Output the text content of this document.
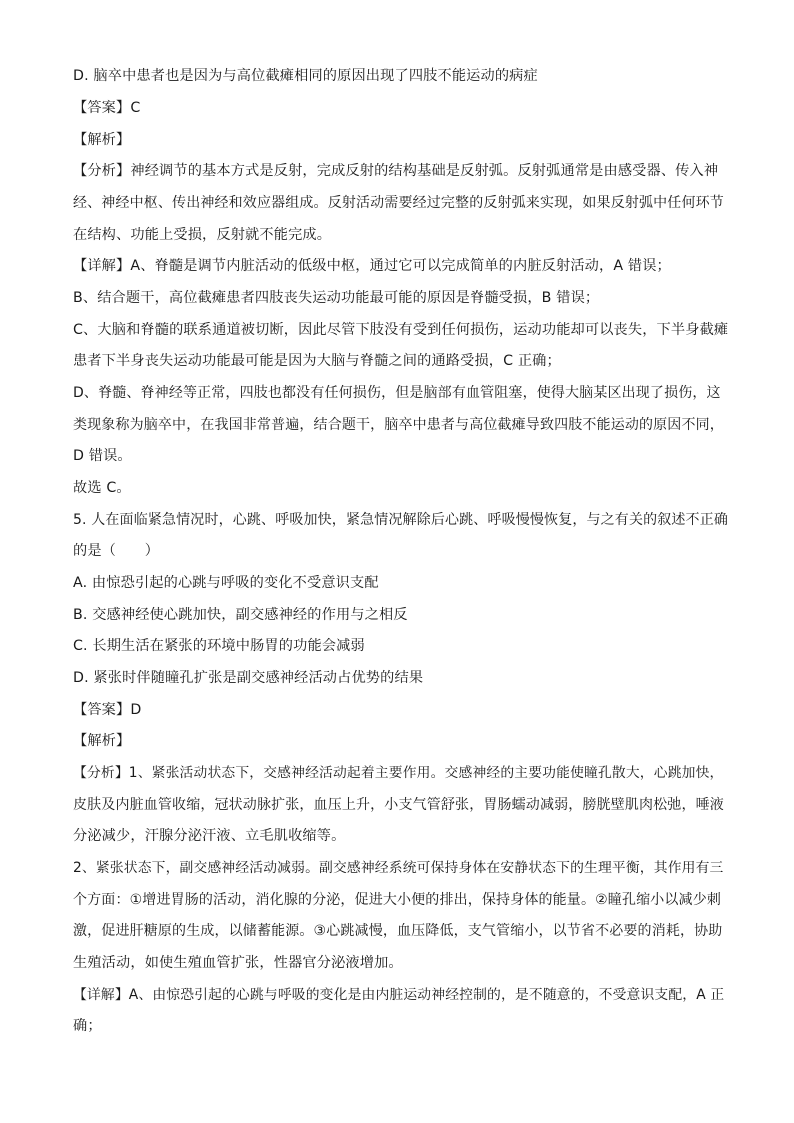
D. 脑卒中患者也是因为与高位截瘫相同的原因出现了四肢不能运动的病症
【答案】C
【解析】
【分析】神经调节的基本方式是反射，完成反射的结构基础是反射弧。反射弧通常是由感受器、传入神
经、神经中枢、传出神经和效应器组成。反射活动需要经过完整的反射弧来实现，如果反射弧中任何环节
在结构、功能上受损，反射就不能完成。
【详解】A、脊髓是调节内脏活动的低级中枢，通过它可以完成简单的内脏反射活动，A 错误；
B、结合题干，高位截瘫患者四肢丧失运动功能最可能的原因是脊髓受损，B 错误；
C、大脑和脊髓的联系通道被切断，因此尽管下肢没有受到任何损伤，运动功能却可以丧失，下半身截瘫
患者下半身丧失运动功能最可能是因为大脑与脊髓之间的通路受损，C 正确；
D、脊髓、脊神经等正常，四肢也都没有任何损伤，但是脑部有血管阻塞，使得大脑某区出现了损伤，这
类现象称为脑卒中，在我国非常普遍，结合题干，脑卒中患者与高位截瘫导致四肢不能运动的原因不同，
D 错误。
故选 C。
5. 人在面临紧急情况时，心跳、呼吸加快，紧急情况解除后心跳、呼吸慢慢恢复，与之有关的叙述不正确
的是（　　）
A. 由惊恐引起的心跳与呼吸的变化不受意识支配
B. 交感神经使心跳加快，副交感神经的作用与之相反
C. 长期生活在紧张的环境中肠胃的功能会减弱
D. 紧张时伴随瞳孔扩张是副交感神经活动占优势的结果
【答案】D
【解析】
【分析】1、紧张活动状态下，交感神经活动起着主要作用。交感神经的主要功能使瞳孔散大，心跳加快，
皮肤及内脏血管收缩，冠状动脉扩张，血压上升，小支气管舒张，胃肠蠕动减弱，膀胱壁肌肉松弛，唾液
分泌减少，汗腺分泌汗液、立毛肌收缩等。
2、紧张状态下，副交感神经活动减弱。副交感神经系统可保持身体在安静状态下的生理平衡，其作用有三
个方面：①增进胃肠的活动，消化腺的分泌，促进大小便的排出，保持身体的能量。②瞳孔缩小以减少刺
激，促进肝糖原的生成，以储蓄能源。③心跳减慢，血压降低，支气管缩小，以节省不必要的消耗，协助
生殖活动，如使生殖血管扩张，性器官分泌液增加。
【详解】A、由惊恐引起的心跳与呼吸的变化是由内脏运动神经控制的，是不随意的，不受意识支配，A 正
确；
